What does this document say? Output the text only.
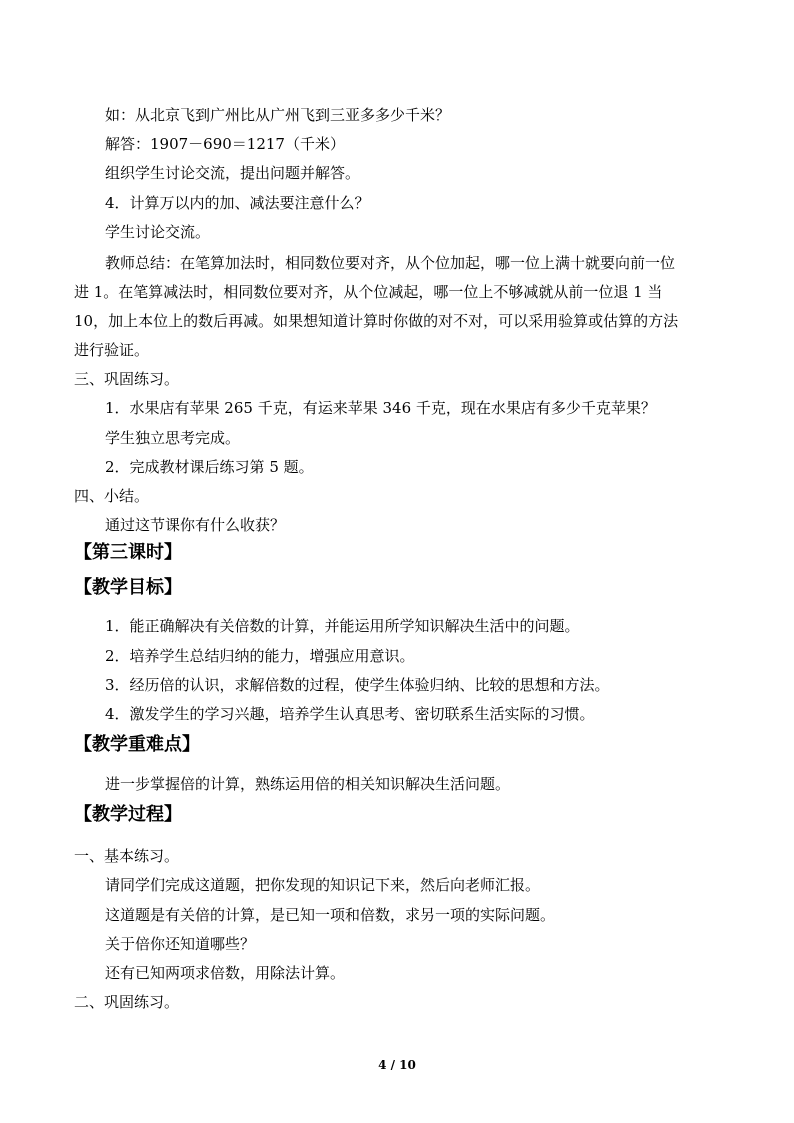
如：从北京飞到广州比从广州飞到三亚多多少千米？
解答：1907－690＝1217（千米）
组织学生讨论交流，提出问题并解答。
4．计算万以内的加、减法要注意什么？
学生讨论交流。
教师总结：在笔算加法时，相同数位要对齐，从个位加起，哪一位上满十就要向前一位
进 1。在笔算减法时，相同数位要对齐，从个位减起，哪一位上不够减就从前一位退 1 当
10，加上本位上的数后再减。如果想知道计算时你做的对不对，可以采用验算或估算的方法
进行验证。
三、巩固练习。
1．水果店有苹果 265 千克，有运来苹果 346 千克，现在水果店有多少千克苹果？
学生独立思考完成。
2．完成教材课后练习第 5 题。
四、小结。
通过这节课你有什么收获？
【第三课时】
【教学目标】
1．能正确解决有关倍数的计算，并能运用所学知识解决生活中的问题。
2．培养学生总结归纳的能力，增强应用意识。
3．经历倍的认识，求解倍数的过程，使学生体验归纳、比较的思想和方法。
4．激发学生的学习兴趣，培养学生认真思考、密切联系生活实际的习惯。
【教学重难点】
进一步掌握倍的计算，熟练运用倍的相关知识解决生活问题。
【教学过程】
一、基本练习。
请同学们完成这道题，把你发现的知识记下来，然后向老师汇报。
这道题是有关倍的计算，是已知一项和倍数，求另一项的实际问题。
关于倍你还知道哪些？
还有已知两项求倍数，用除法计算。
二、巩固练习。
4 / 10
